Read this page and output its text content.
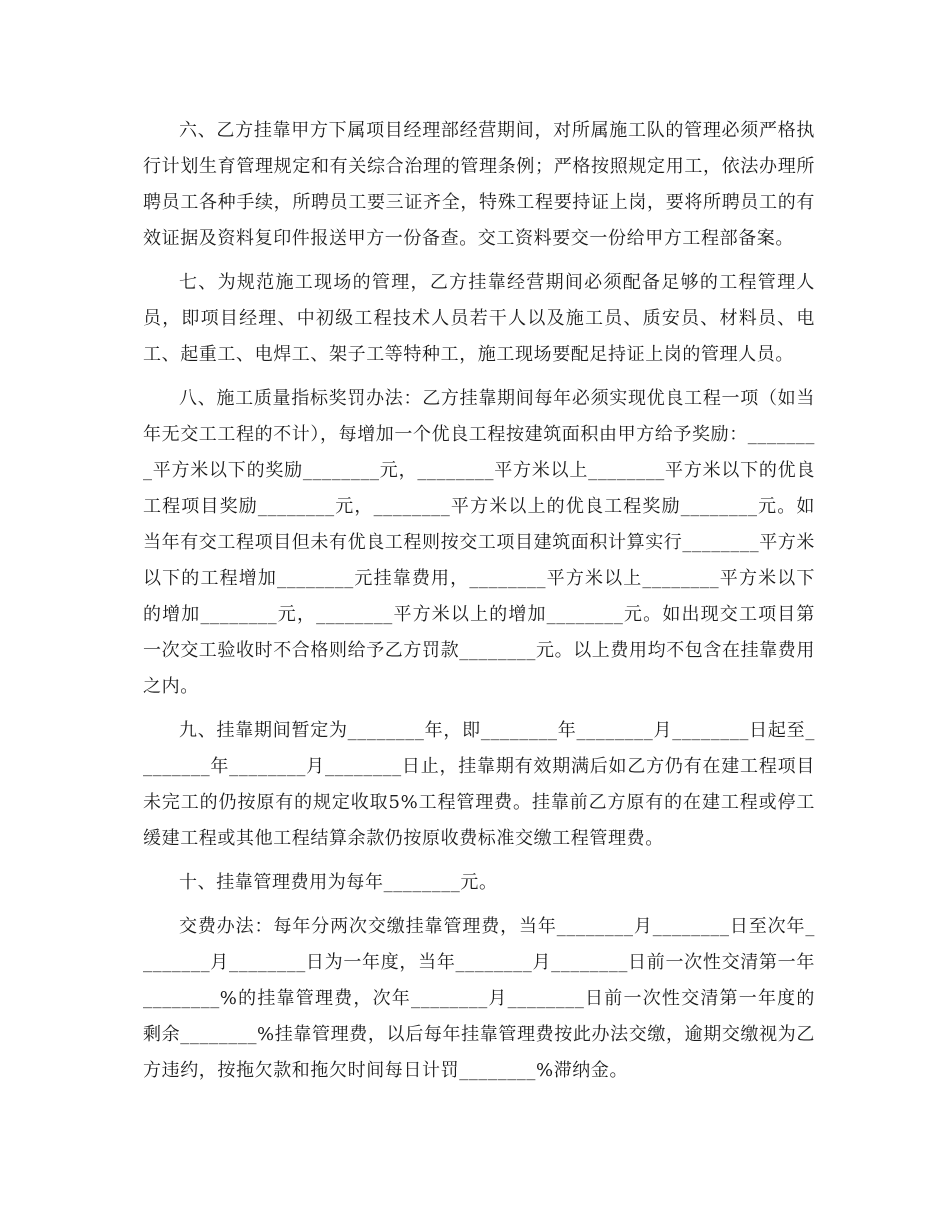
六、乙方挂靠甲方下属项目经理部经营期间，对所属施工队的管理必须严格执行计划生育管理规定和有关综合治理的管理条例；严格按照规定用工，依法办理所聘员工各种手续，所聘员工要三证齐全，特殊工程要持证上岗，要将所聘员工的有效证据及资料复印件报送甲方一份备查。交工资料要交一份给甲方工程部备案。

七、为规范施工现场的管理，乙方挂靠经营期间必须配备足够的工程管理人员，即项目经理、中初级工程技术人员若干人以及施工员、质安员、材料员、电工、起重工、电焊工、架子工等特种工，施工现场要配足持证上岗的管理人员。

八、施工质量指标奖罚办法：乙方挂靠期间每年必须实现优良工程一项（如当年无交工工程的不计），每增加一个优良工程按建筑面积由甲方给予奖励：________平方米以下的奖励________元，________平方米以上________平方米以下的优良工程项目奖励________元，________平方米以上的优良工程奖励________元。如当年有交工程项目但未有优良工程则按交工项目建筑面积计算实行________平方米以下的工程增加________元挂靠费用，________平方米以上________平方米以下的增加________元，________平方米以上的增加________元。如出现交工项目第一次交工验收时不合格则给予乙方罚款________元。以上费用均不包含在挂靠费用之内。

九、挂靠期间暂定为________年，即________年________月________日起至________年________月________日止，挂靠期有效期满后如乙方仍有在建工程项目未完工的仍按原有的规定收取5%工程管理费。挂靠前乙方原有的在建工程或停工缓建工程或其他工程结算余款仍按原收费标准交缴工程管理费。

十、挂靠管理费用为每年________元。

交费办法：每年分两次交缴挂靠管理费，当年________月________日至次年________月________日为一年度，当年________月________日前一次性交清第一年________%的挂靠管理费，次年________月________日前一次性交清第一年度的剩余________%挂靠管理费，以后每年挂靠管理费按此办法交缴，逾期交缴视为乙方违约，按拖欠款和拖欠时间每日计罚________%滞纳金。
